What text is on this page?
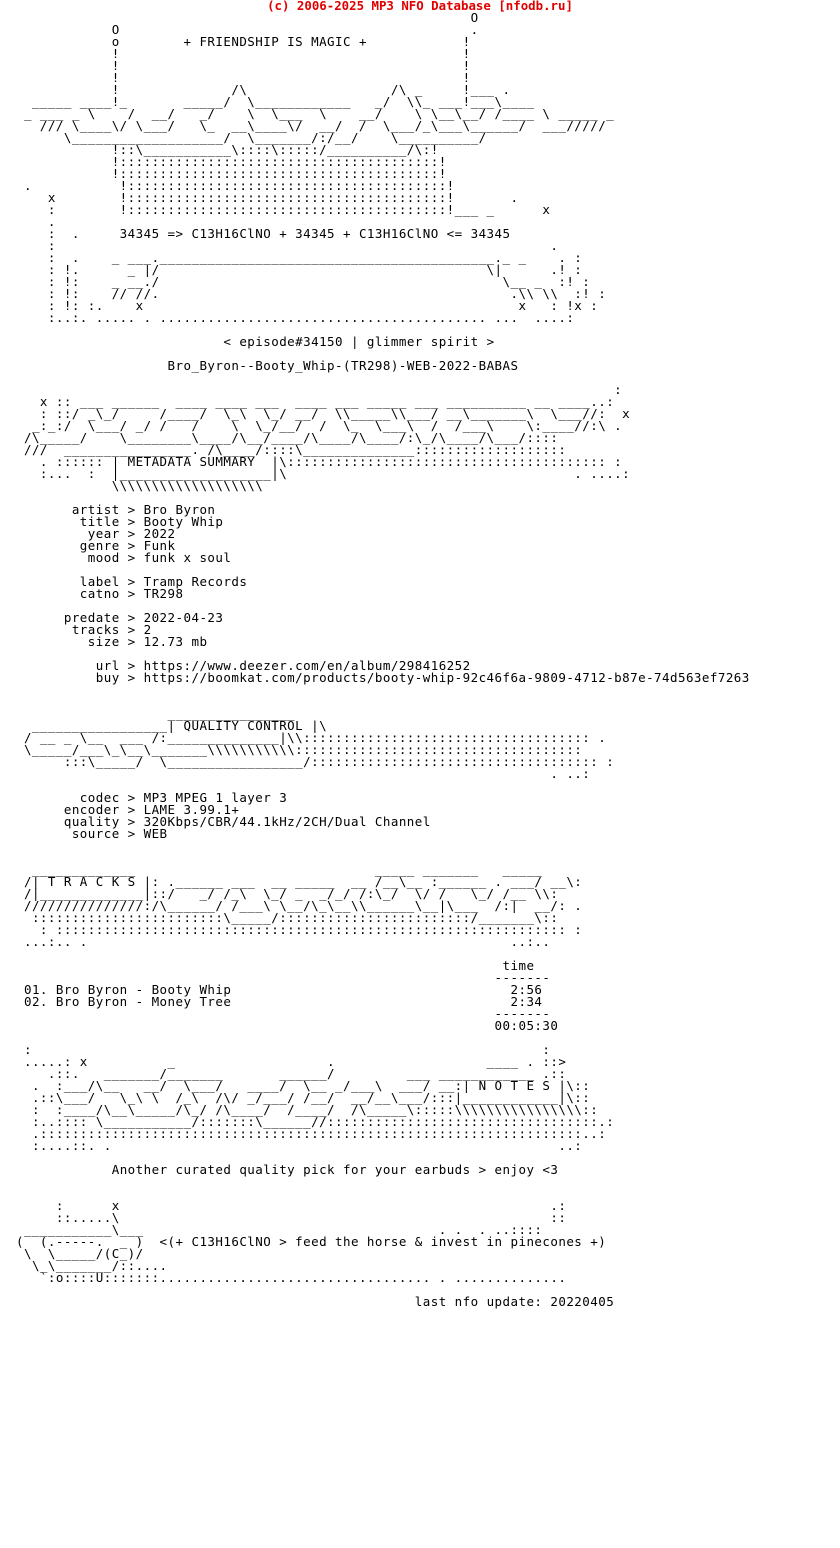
(c) 2006-2025 MP3 NFO Database [nfodb.ru]
O
O                                            .
o        + FRIENDSHIP IS MAGIC +            !
!                                           !
!                                           !
!                                           !
!              /\                  /\ _     !___ .
_____ ____!_       _____/  \____________   _/  \\_ ___!___\____
_ ___ _ \    /  __/   _/    \  \___  \    __/    \ \__\__/ /____ \ _____ _
/// \____\/ \___/   \_  __\____\/  __/  /  \___/_\___\______/  ___/////
\___________________/  \_______/:/__/    \__________/
!::\___________\::::\:::::/__________/\:!
!::::::::::::::::::::::::::::::::::::::::!
!::::::::::::::::::::::::::::::::::::::::!
.           !::::::::::::::::::::::::::::::::::::::::!
x        !::::::::::::::::::::::::::::::::::::::::!       .
:        !::::::::::::::::::::::::::::::::::::::::!___ _      x
.
:  .     34345 => C13H16ClNO + 34345 + C13H16ClNO <= 34345
:                                                              .
:  .    _ ___.__________________________________________._ _    . :
: !.      _ |/                                         \|      .! :
: !:    _ __./                                           \__ _  :! :
: !:    // //.                                            .\\ \\  :! :
: !: :.    x                                               x   : !x :
:..:. ..... . ......................................... ...  ....:

< episode#34150 | glimmer spirit >

Bro_Byron--Booty_Whip-(TR298)-WEB-2022-BABAS

:
x :: ___ ______  ____ ____ ___  ____ ___ _____ ___ __________ __ ____..:
: ::/ _\_/     /____/  \_\  \_/ __/  \\_____\\___/ __\_______\  \___//:  x
_:_:/  \___/ _/ /   /    \  \_/__/  /  \_  \___\  /  /___\    \:____//:\ .
/\_____/    \________\____/\__/____/\____/\____/:\_/\____/\___/::::
///  ________________. /\____/::::\______________:::::::::::::::::::
. :::::: | METADATA SUMMARY  |\:::::::::::::::::::::::::::::::::::::::: :
:...  :  |___________________|\                                    . ....:
\\\\\\\\\\\\\\\\\\\

artist > Bro Byron
title > Booty Whip
year > 2022
genre > Funk
mood > funk x soul

label > Tramp Records
catno > TR298

predate > 2022-04-23
tracks > 2
size > 12.73 mb

url > https://www.deezer.com/en/album/298416252
buy > https://boomkat.com/products/booty-whip-92c46f6a-9809-4712-b87e-74d563ef7263

________________
_________________| QUALITY CONTROL |\
/ __ _ \__  ___ /:______________|\\:::::::::::::::::::::::::::::::::::: .
\_____/___\_\__\_______\\\\\\\\\\\::::::::::::::::::::::::::::::::::::
:::\_____/  \_________________/:::::::::::::::::::::::::::::::::::: :
. ..:

codec > MP3 MPEG 1 layer 3
encoder > LAME 3.99.1+
quality > 320Kbps/CBR/44.1kHz/2CH/Dual Channel
source > WEB

_____________                              _____ _______   _____
/| T R A C K S |: .______ ___  __ _____  __ /__\__ :______ . ___/ __\:
/|_____________|::/   _/ /_\  \_/ _  _/_/ /:\_/  \/ /   \_/ /__ \\:
///////////////:/\______/ /___\ \__/\_\__\\______\__|\___  /:|  __/: .
::::::::::::::::::::::::\_____/::::::::::::::::::::::::/_______\::
: :::::::::::::::::::::::::::::::::::::::::::::::::::::::::::::::: :
...:.. .                                                     ..:..

time
-------
01. Bro Byron - Booty Whip                                   2:56
02. Bro Byron - Money Tree                                   2:34
-------
00:05:30

:                                                                :
.....: x          _                   .                   ____ . ::>
.::.   _______/_______       ______/         ___ ____________ .::
.  :___/\__   __/  \___/   ____/  \__ _/___\  ___/ __:| N O T E S |\::
.::\___/   \_\ \  /_\  /\/ _/___/ /__/  __/__\___/:::|____________|\::
:  :____/\__\_____/\_/ /\____/  /____/  /\_____\:::::\\\\\\\\\\\\\\\\::
:..:::: \___________/:::::::\______//::::::::::::::::::::::::::::::::::.:
.::::::::::::::::::::::::::::::::::::::::::::::::::::::::::::::::::::..:
:....::. .                                                        ..:

Another curated quality pick for your earbuds > enjoy <3

:      x                                                      .:
::.....\                                                      ::
___________\___                                     . .  . ..::::
(  (.-----.  _ )  <(+ C13H16ClNO > feed the horse & invest in pinecones +)
\  \_____/(C_)/
\_\_______/::....
`:o::::U:::::::.................................. . ..............

last nfo update: 20220405
